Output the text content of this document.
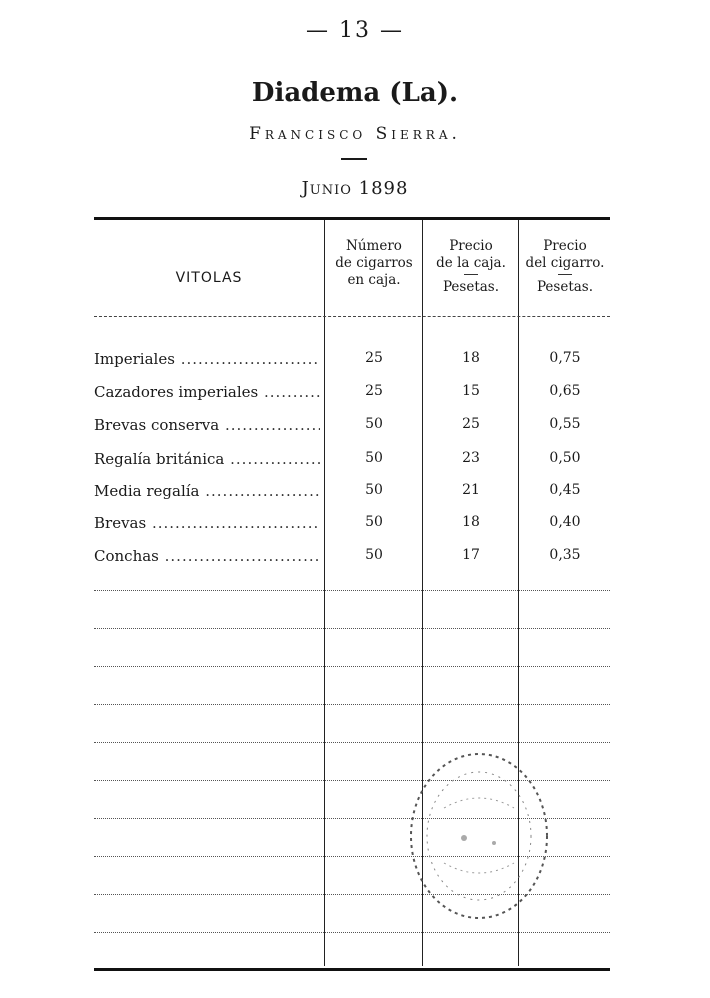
— 13 —
Diadema (La).
Francisco Sierra.
Junio 1898
VITOLAS
Número
de cigarros
en caja.
Precio
de la caja.
Pesetas.
Precio
del cigarro.
Pesetas.
Imperiales .....	25	18	0,75
Cazadores imperiales .....	25	15	0,65
Brevas conserva .....	50	25	0,55
Regalía británica .....	50	23	0,50
Media regalía .....	50	21	0,45
Brevas .....	50	18	0,40
Conchas .....	50	17	0,35
